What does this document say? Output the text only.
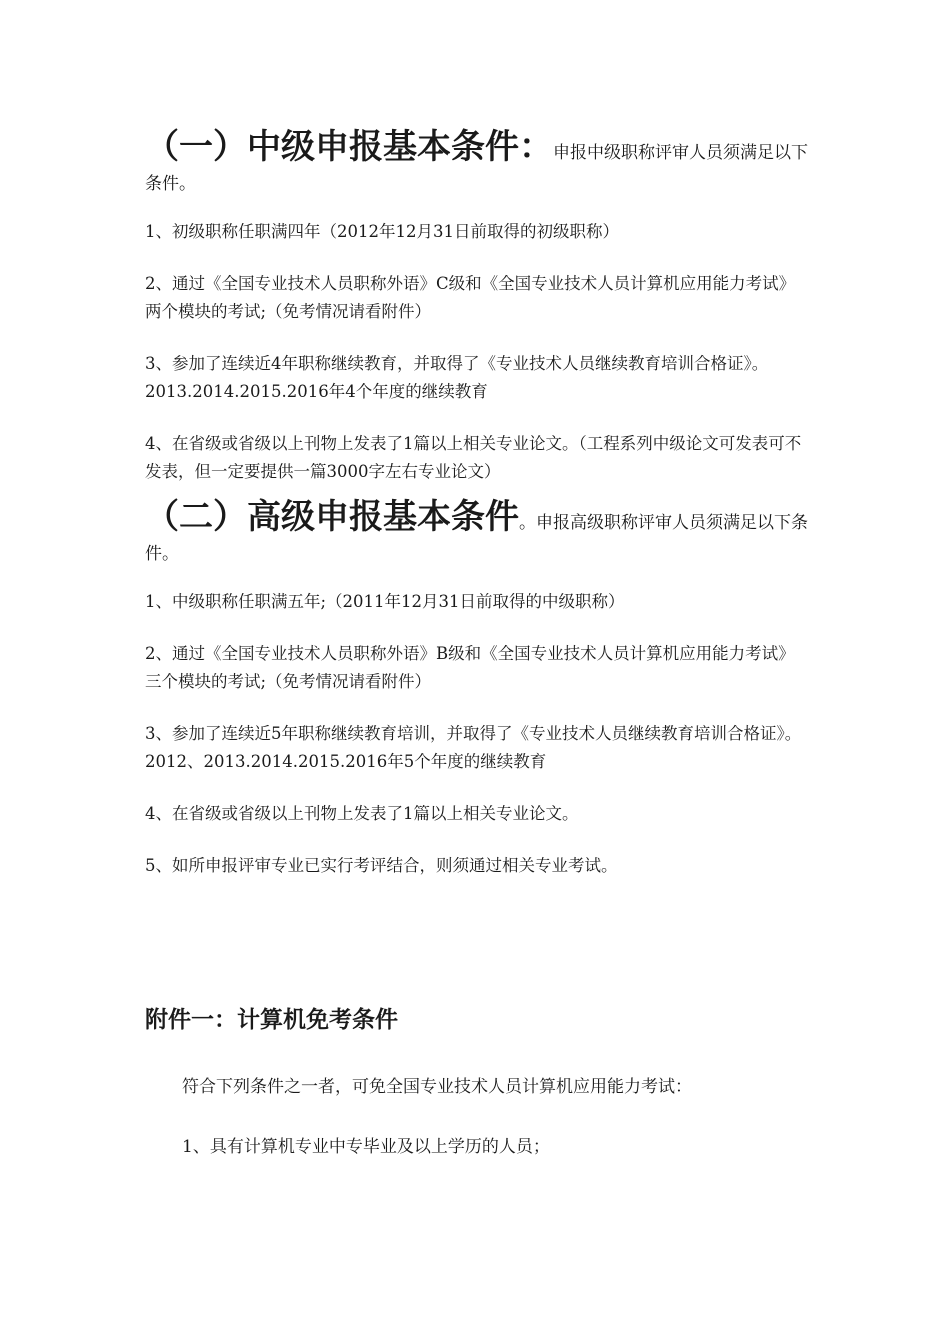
（一）中级申报基本条件：申报中级职称评审人员须满足以下条件。

1、初级职称任职满四年（2012年12月31日前取得的初级职称）

2、通过《全国专业技术人员职称外语》C级和《全国专业技术人员计算机应用能力考试》两个模块的考试;（免考情况请看附件）

3、参加了连续近4年职称继续教育，并取得了《专业技术人员继续教育培训合格证》。2013.2014.2015.2016年4个年度的继续教育

4、在省级或省级以上刊物上发表了1篇以上相关专业论文。（工程系列中级论文可发表可不发表，但一定要提供一篇3000字左右专业论文）

（二）高级申报基本条件。申报高级职称评审人员须满足以下条件。

1、中级职称任职满五年;（2011年12月31日前取得的中级职称）

2、通过《全国专业技术人员职称外语》B级和《全国专业技术人员计算机应用能力考试》三个模块的考试;（免考情况请看附件）

3、参加了连续近5年职称继续教育培训，并取得了《专业技术人员继续教育培训合格证》。2012、2013.2014.2015.2016年5个年度的继续教育

4、在省级或省级以上刊物上发表了1篇以上相关专业论文。

5、如所申报评审专业已实行考评结合，则须通过相关专业考试。

附件一：计算机免考条件

符合下列条件之一者，可免全国专业技术人员计算机应用能力考试：

1、具有计算机专业中专毕业及以上学历的人员；
